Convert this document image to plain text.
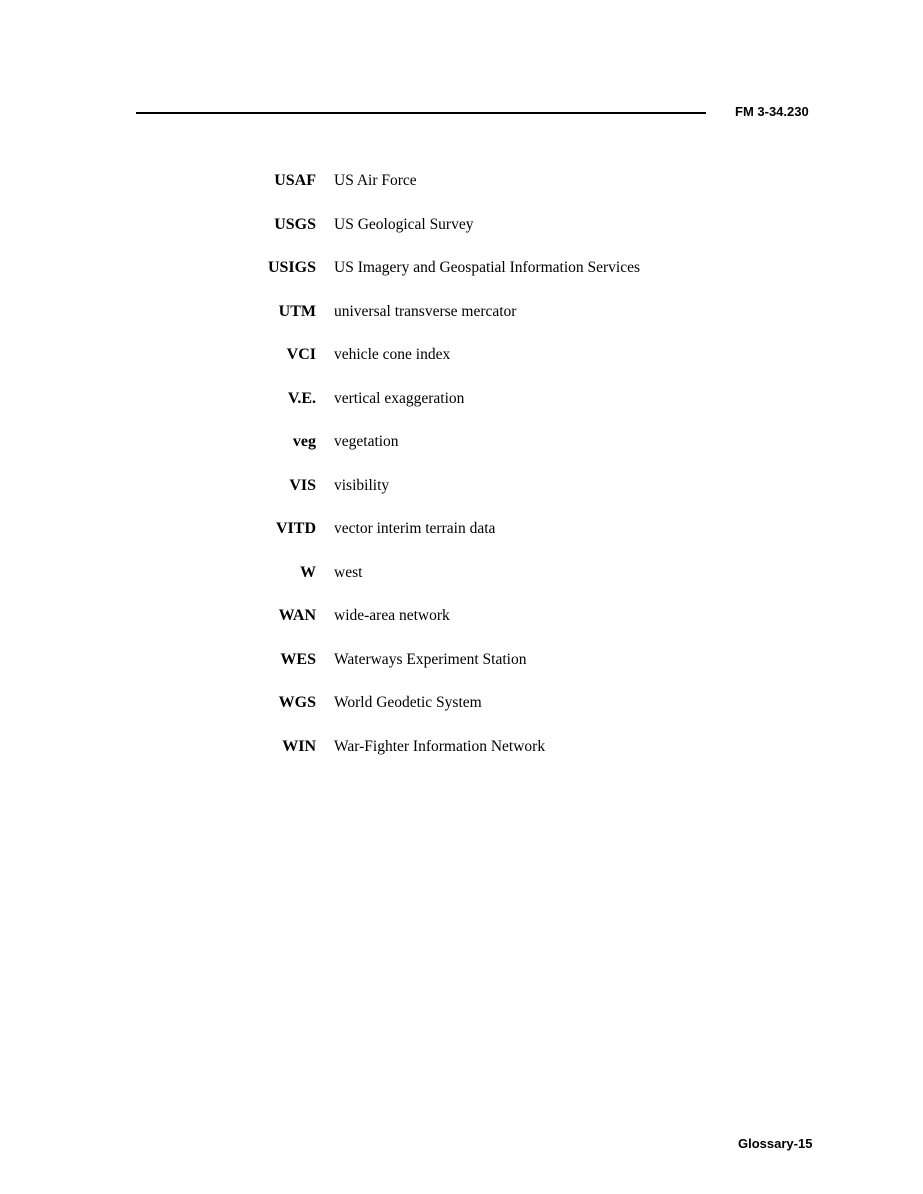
FM 3-34.230
USAF US Air Force
USGS US Geological Survey
USIGS US Imagery and Geospatial Information Services
UTM universal transverse mercator
VCI vehicle cone index
V.E. vertical exaggeration
veg vegetation
VIS visibility
VITD vector interim terrain data
W west
WAN wide-area network
WES Waterways Experiment Station
WGS World Geodetic System
WIN War-Fighter Information Network
Glossary-15
